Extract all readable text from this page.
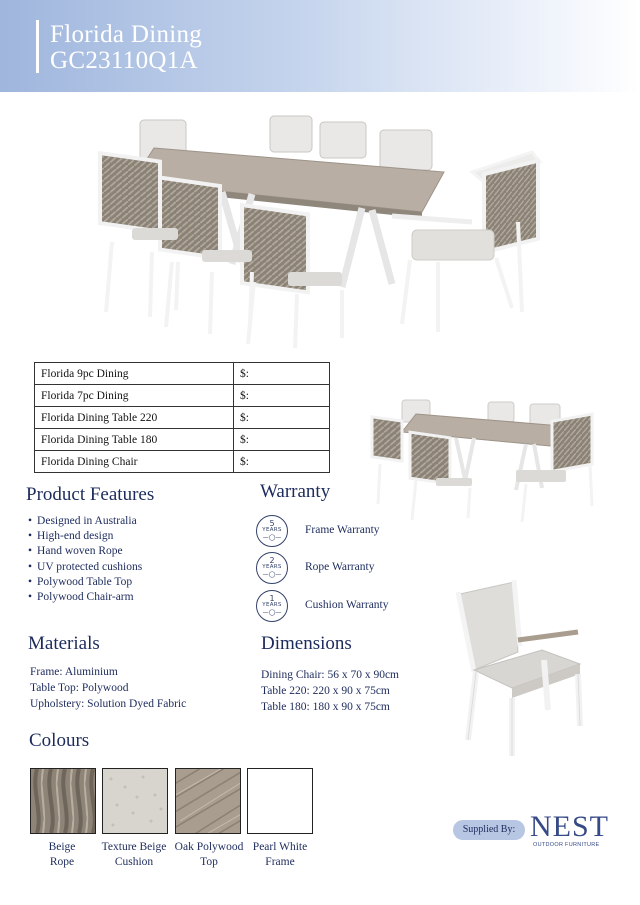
Florida Dining
GC23110Q1A
Florida 9pc Dining	$:
Florida 7pc Dining	$:
Florida Dining Table 220	$:
Florida Dining Table 180	$:
Florida Dining Chair	$:
Product Features
• Designed in Australia
• High-end design
• Hand woven Rope
• UV protected cushions
• Polywood Table Top
• Polywood Chair-arm
Warranty
5
YEARS
—◯—
Frame Warranty
2
YEARS
—◯—
Rope Warranty
1
YEARS
—◯—
Cushion Warranty
Materials
Frame: Aluminium
Table Top: Polywood
Upholstery: Solution Dyed Fabric
Dimensions
Dining Chair: 56 x 70 x 90cm
Table 220: 220 x 90 x 75cm
Table 180: 180 x 90 x 75cm
Colours
Beige
Rope
Texture Beige
Cushion
Oak Polywood
Top
Pearl White
Frame
Supplied By: NEST
OUTDOOR FURNITURE
